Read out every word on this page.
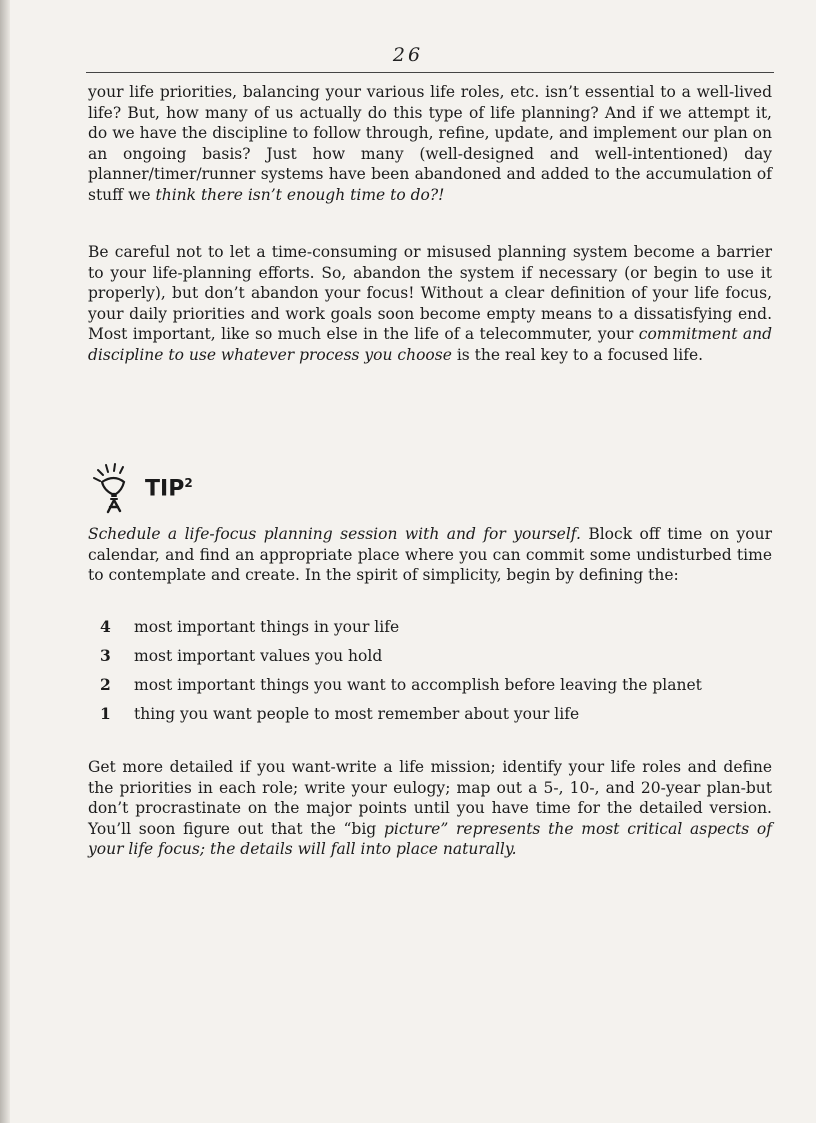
26

your life priorities, balancing your various life roles, etc. isn’t essential to a well-lived life? But, how many of us actually do this type of life planning? And if we attempt it, do we have the discipline to follow through, refine, update, and implement our plan on an ongoing basis? Just how many (well-designed and well-intentioned) day planner/timer/runner systems have been abandoned and added to the accumulation of stuff we think there isn’t enough time to do?!

Be careful not to let a time-consuming or misused planning system become a barrier to your life-planning efforts. So, abandon the system if necessary (or begin to use it properly), but don’t abandon your focus! Without a clear definition of your life focus, your daily priorities and work goals soon become empty means to a dissatisfying end. Most important, like so much else in the life of a telecommuter, your commitment and discipline to use whatever process you choose is the real key to a focused life.

TIP$^2$

Schedule a life-focus planning session with and for yourself. Block off time on your calendar, and find an appropriate place where you can commit some undisturbed time to contemplate and create. In the spirit of simplicity, begin by defining the:

4	most important things in your life
3	most important values you hold
2	most important things you want to accomplish before leaving the planet
1	thing you want people to most remember about your life

Get more detailed if you want-write a life mission; identify your life roles and define the priorities in each role; write your eulogy; map out a 5-, 10-, and 20-year plan-but don’t procrastinate on the major points until you have time for the detailed version. You’ll soon figure out that the “big picture” represents the most critical aspects of your life focus; the details will fall into place naturally.
